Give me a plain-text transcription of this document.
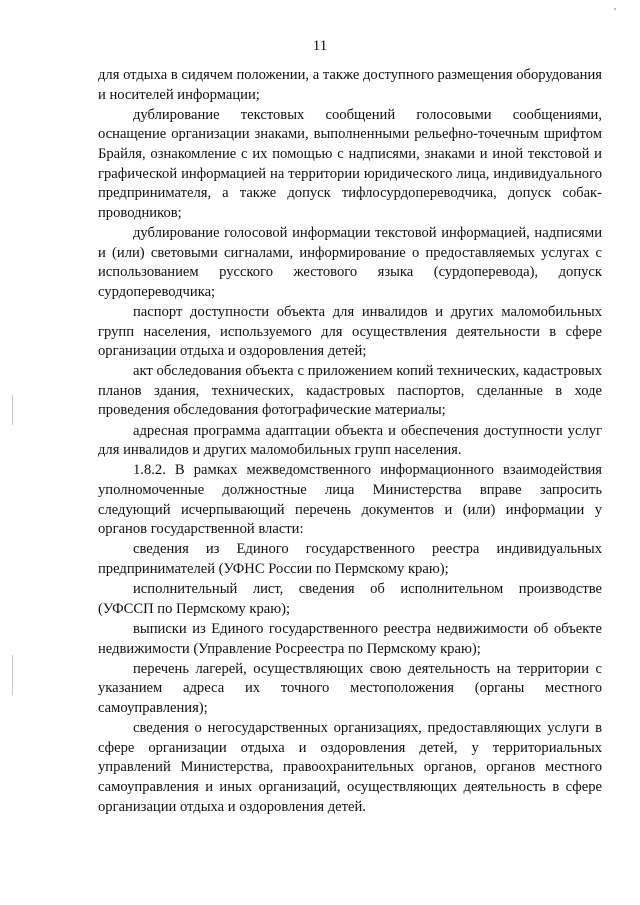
11

для отдыха в сидячем положении, а также доступного размещения оборудования и носителей информации;

дублирование текстовых сообщений голосовыми сообщениями, оснащение организации знаками, выполненными рельефно-точечным шрифтом Брайля, ознакомление с их помощью с надписями, знаками и иной текстовой и графической информацией на территории юридического лица, индивидуального предпринимателя, а также допуск тифлосурдопереводчика, допуск собак-проводников;

дублирование голосовой информации текстовой информацией, надписями и (или) световыми сигналами, информирование о предоставляемых услугах с использованием русского жестового языка (сурдоперевода), допуск сурдопереводчика;

паспорт доступности объекта для инвалидов и других маломобильных групп населения, используемого для осуществления деятельности в сфере организации отдыха и оздоровления детей;

акт обследования объекта с приложением копий технических, кадастровых планов здания, технических, кадастровых паспортов, сделанные в ходе проведения обследования фотографические материалы;

адресная программа адаптации объекта и обеспечения доступности услуг для инвалидов и других маломобильных групп населения.

1.8.2. В рамках межведомственного информационного взаимодействия уполномоченные должностные лица Министерства вправе запросить следующий исчерпывающий перечень документов и (или) информации у органов государственной власти:

сведения из Единого государственного реестра индивидуальных предпринимателей (УФНС России по Пермскому краю);

исполнительный лист, сведения об исполнительном производстве (УФССП по Пермскому краю);

выписки из Единого государственного реестра недвижимости об объекте недвижимости (Управление Росреестра по Пермскому краю);

перечень лагерей, осуществляющих свою деятельность на территории с указанием адреса их точного местоположения (органы местного самоуправления);

сведения о негосударственных организациях, предоставляющих услуги в сфере организации отдыха и оздоровления детей, у территориальных управлений Министерства, правоохранительных органов, органов местного самоуправления и иных организаций, осуществляющих деятельность в сфере организации отдыха и оздоровления детей.
